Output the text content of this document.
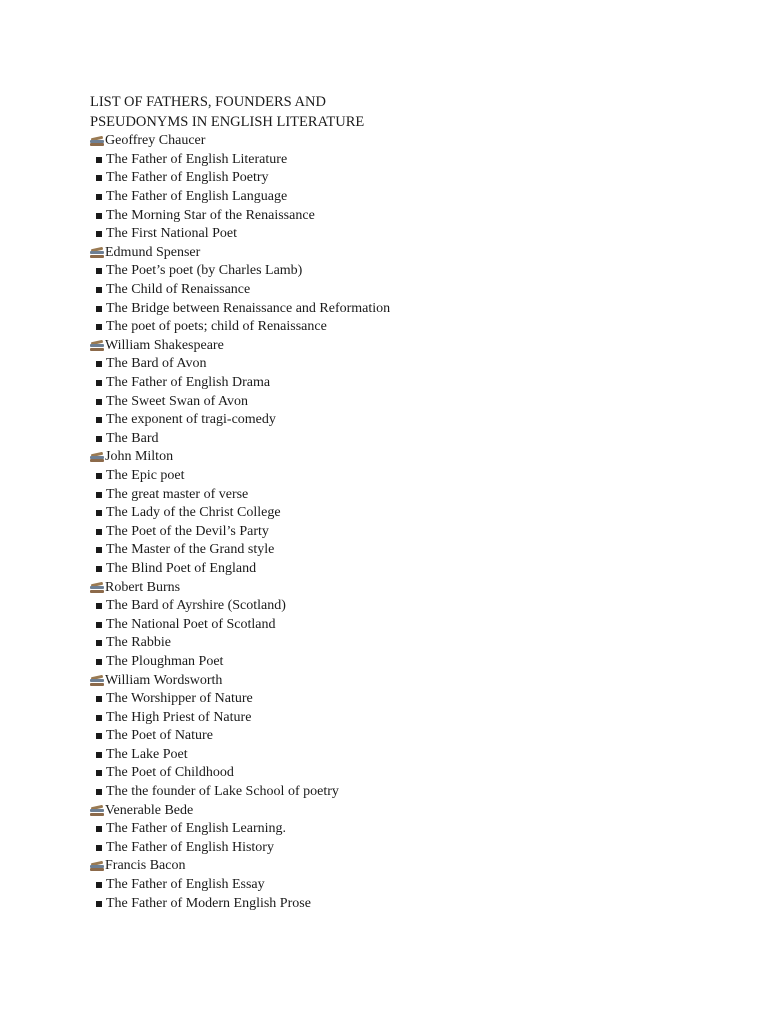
LIST OF FATHERS, FOUNDERS AND
PSEUDONYMS IN ENGLISH LITERATURE
Geoffrey Chaucer
The Father of English Literature
The Father of English Poetry
The Father of English Language
The Morning Star of the Renaissance
The First National Poet
Edmund Spenser
The Poet’s poet (by Charles Lamb)
The Child of Renaissance
The Bridge between Renaissance and Reformation
The poet of poets; child of Renaissance
William Shakespeare
The Bard of Avon
The Father of English Drama
The Sweet Swan of Avon
The exponent of tragi-comedy
The Bard
John Milton
The Epic poet
The great master of verse
The Lady of the Christ College
The Poet of the Devil’s Party
The Master of the Grand style
The Blind Poet of England
Robert Burns
The Bard of Ayrshire (Scotland)
The National Poet of Scotland
The Rabbie
The Ploughman Poet
William Wordsworth
The Worshipper of Nature
The High Priest of Nature
The Poet of Nature
The Lake Poet
The Poet of Childhood
The the founder of Lake School of poetry
Venerable Bede
The Father of English Learning.
The Father of English History
Francis Bacon
The Father of English Essay
The Father of Modern English Prose
